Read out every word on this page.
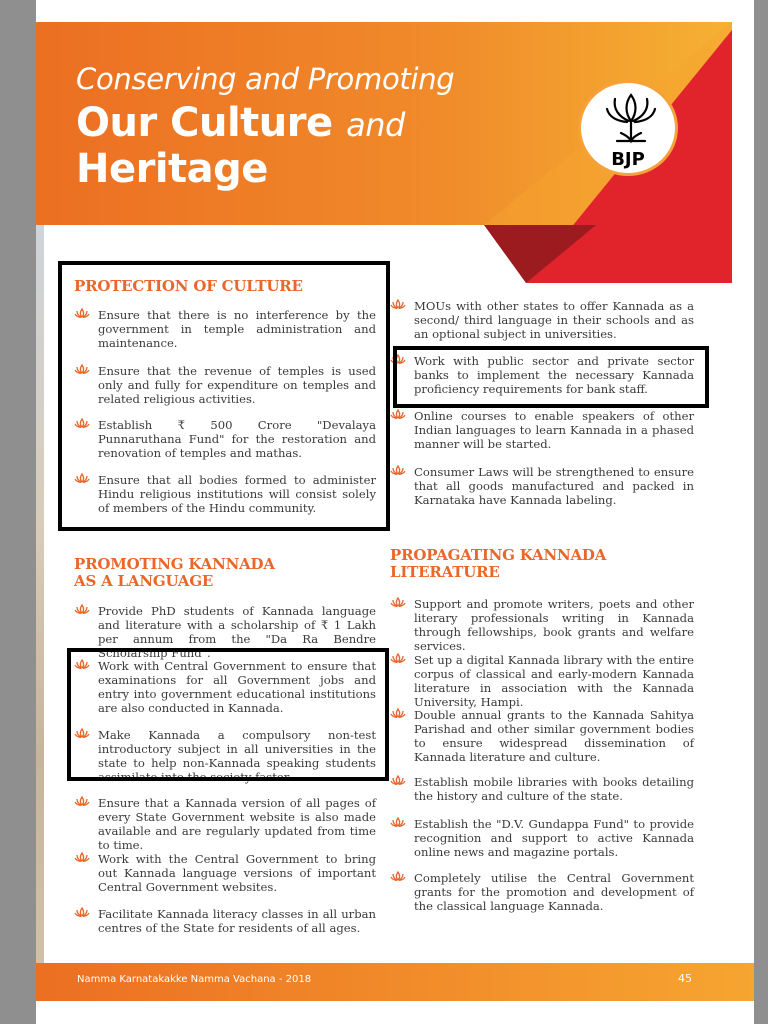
Conserving and Promoting
Our Culture and
Heritage	BJP
PROTECTION OF CULTURE
Ensure that there is no interference by the government in temple administration and maintenance.
Ensure that the revenue of temples is used only and fully for expenditure on temples and related religious activities.
Establish ₹ 500 Crore "Devalaya Punnaruthana Fund" for the restoration and renovation of temples and mathas.
Ensure that all bodies formed to administer Hindu religious institutions will consist solely of members of the Hindu community.
PROMOTING KANNADA
AS A LANGUAGE
Provide PhD students of Kannada language and literature with a scholarship of ₹ 1 Lakh per annum from the "Da Ra Bendre Scholarship Fund".
Work with Central Government to ensure that examinations for all Government jobs and entry into government educational institutions are also conducted in Kannada.
Make Kannada a compulsory non-test introductory subject in all universities in the state to help non-Kannada speaking students assimilate into the society faster.
Ensure that a Kannada version of all pages of every State Government website is also made available and are regularly updated from time to time.
Work with the Central Government to bring out Kannada language versions of important Central Government websites.
Facilitate Kannada literacy classes in all urban centres of the State for residents of all ages.
MOUs with other states to offer Kannada as a second/ third language in their schools and as an optional subject in universities.
Work with public sector and private sector banks to implement the necessary Kannada proficiency requirements for bank staff.
Online courses to enable speakers of other Indian languages to learn Kannada in a phased manner will be started.
Consumer Laws will be strengthened to ensure that all goods manufactured and packed in Karnataka have Kannada labeling.
PROPAGATING KANNADA
LITERATURE
Support and promote writers, poets and other literary professionals writing in Kannada through fellowships, book grants and welfare services.
Set up a digital Kannada library with the entire corpus of classical and early-modern Kannada literature in association with the Kannada University, Hampi.
Double annual grants to the Kannada Sahitya Parishad and other similar government bodies to ensure widespread dissemination of Kannada literature and culture.
Establish mobile libraries with books detailing the history and culture of the state.
Establish the "D.V. Gundappa Fund" to provide recognition and support to active Kannada online news and magazine portals.
Completely utilise the Central Government grants for the promotion and development of the classical language Kannada.
Namma Karnatakakke Namma Vachana - 2018	45
